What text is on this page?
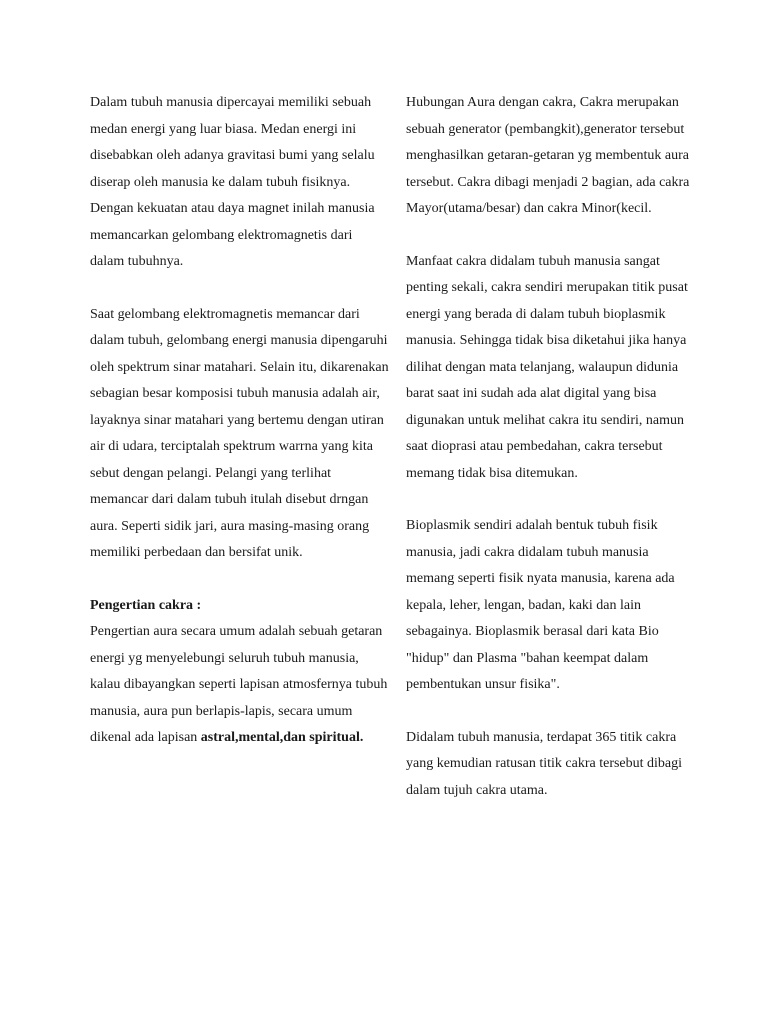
Dalam tubuh manusia dipercayai memiliki sebuah medan energi yang luar biasa. Medan energi ini disebabkan oleh adanya gravitasi bumi yang selalu diserap oleh manusia ke dalam tubuh fisiknya. Dengan kekuatan atau daya magnet inilah manusia memancarkan gelombang elektromagnetis dari dalam tubuhnya.

Saat gelombang elektromagnetis memancar dari dalam tubuh, gelombang energi manusia dipengaruhi oleh spektrum sinar matahari. Selain itu, dikarenakan sebagian besar komposisi tubuh manusia adalah air, layaknya sinar matahari yang bertemu dengan utiran air di udara, terciptalah spektrum warrna yang kita sebut dengan pelangi. Pelangi yang terlihat memancar dari dalam tubuh itulah disebut drngan aura. Seperti sidik jari, aura masing-masing orang memiliki perbedaan dan bersifat unik.

Pengertian cakra :
Pengertian aura secara umum adalah sebuah getaran energi yg menyelebungi seluruh tubuh manusia, kalau dibayangkan seperti lapisan atmosfernya tubuh manusia, aura pun berlapis-lapis, secara umum dikenal ada lapisan astral,mental,dan spiritual.

Hubungan Aura dengan cakra, Cakra merupakan sebuah generator (pembangkit),generator tersebut menghasilkan getaran-getaran yg membentuk aura tersebut. Cakra dibagi menjadi 2 bagian, ada cakra Mayor(utama/besar) dan cakra Minor(kecil.

Manfaat cakra didalam tubuh manusia sangat penting sekali, cakra sendiri merupakan titik pusat energi yang berada di dalam tubuh bioplasmik manusia. Sehingga tidak bisa diketahui jika hanya dilihat dengan mata telanjang, walaupun didunia barat saat ini sudah ada alat digital yang bisa digunakan untuk melihat cakra itu sendiri, namun saat dioprasi atau pembedahan, cakra tersebut memang tidak bisa ditemukan.

Bioplasmik sendiri adalah bentuk tubuh fisik manusia, jadi cakra didalam tubuh manusia memang seperti fisik nyata manusia, karena ada kepala, leher, lengan, badan, kaki dan lain sebagainya. Bioplasmik berasal dari kata Bio "hidup" dan Plasma "bahan keempat dalam pembentukan unsur fisika".

Didalam tubuh manusia, terdapat 365 titik cakra yang kemudian ratusan titik cakra tersebut dibagi dalam tujuh cakra utama.
